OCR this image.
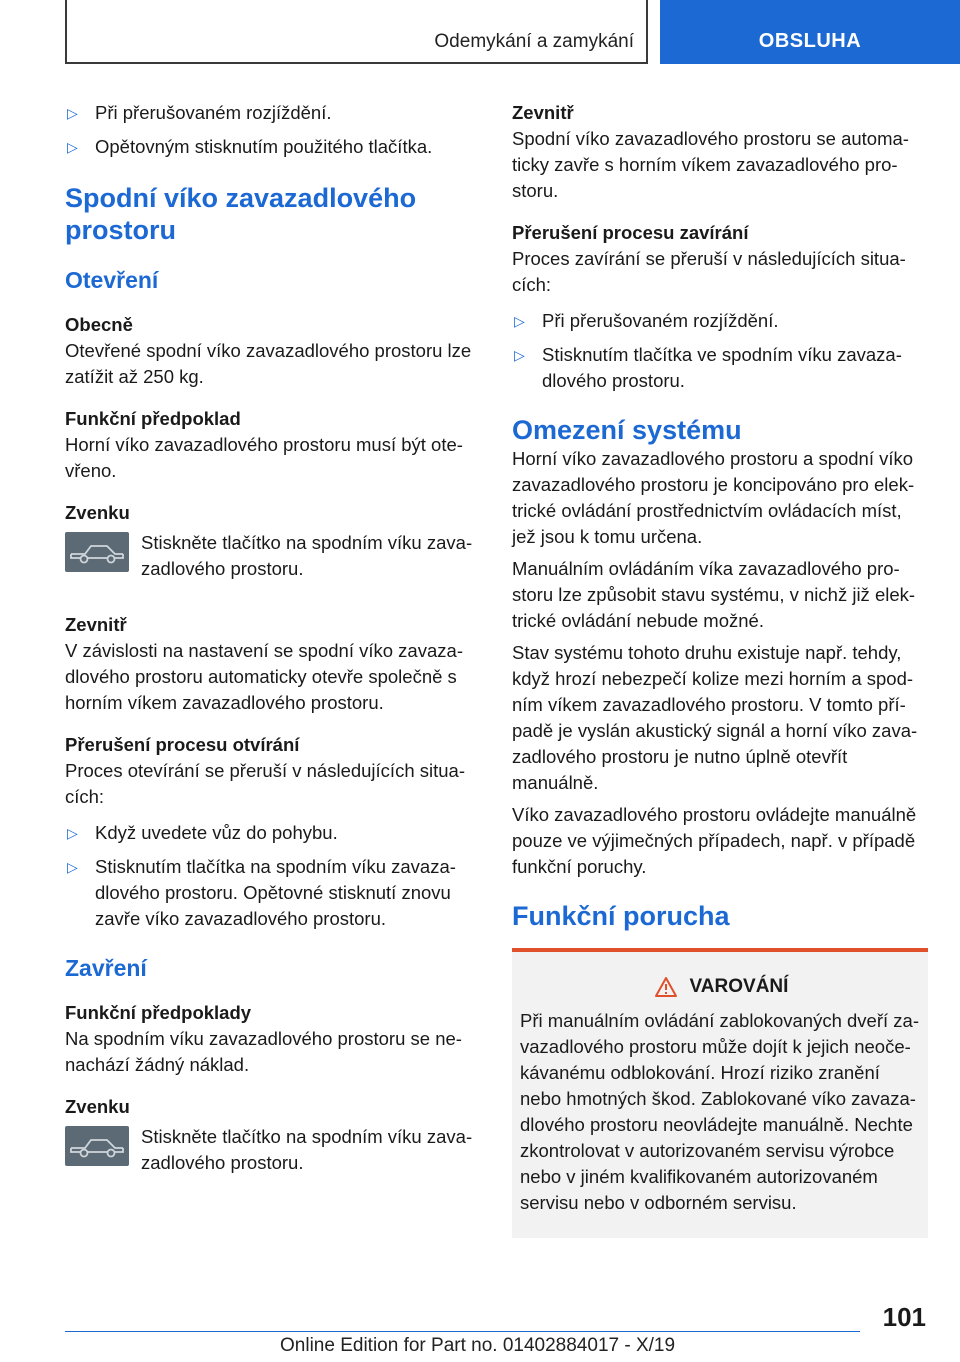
Odemykání a zamykání	OBSLUHA
▷ Při přerušovaném rozjíždění.
▷ Opětovným stisknutím použitého tlačítka.

Spodní víko zavazadlového prostoru

Otevření

Obecně

Otevřené spodní víko zavazadlového prostoru lze zatížit až 250 kg.

Funkční předpoklad

Horní víko zavazadlového prostoru musí být otevřeno.

Zvenku

Stiskněte tlačítko na spodním víku zavazadlového prostoru.

Zevnitř

V závislosti na nastavení se spodní víko zavazadlového prostoru automaticky otevře společně s horním víkem zavazadlového prostoru.

Přerušení procesu otvírání

Proces otevírání se přeruší v následujících situacích:

▷ Když uvedete vůz do pohybu.
▷ Stisknutím tlačítka na spodním víku zavazadlového prostoru. Opětovné stisknutí znovu zavře víko zavazadlového prostoru.

Zavření

Funkční předpoklady

Na spodním víku zavazadlového prostoru se nenachází žádný náklad.

Zvenku

Stiskněte tlačítko na spodním víku zavazadlového prostoru.

Zevnitř

Spodní víko zavazadlového prostoru se automaticky zavře s horním víkem zavazadlového prostoru.

Přerušení procesu zavírání

Proces zavírání se přeruší v následujících situacích:

▷ Při přerušovaném rozjíždění.
▷ Stisknutím tlačítka ve spodním víku zavazadlového prostoru.

Omezení systému

Horní víko zavazadlového prostoru a spodní víko zavazadlového prostoru je koncipováno pro elektrické ovládání prostřednictvím ovládacích míst, jež jsou k tomu určena.

Manuálním ovládáním víka zavazadlového prostoru lze způsobit stavu systému, v nichž již elektrické ovládání nebude možné.

Stav systému tohoto druhu existuje např. tehdy, když hrozí nebezpečí kolize mezi horním a spodním víkem zavazadlového prostoru. V tomto případě je vyslán akustický signál a horní víko zavazadlového prostoru je nutno úplně otevřít manuálně.

Víko zavazadlového prostoru ovládejte manuálně pouze ve výjimečných případech, např. v případě funkční poruchy.

Funkční porucha

VAROVÁNÍ

Při manuálním ovládání zablokovaných dveří zavazadlového prostoru může dojít k jejich neočekávanému odblokování. Hrozí riziko zranění nebo hmotných škod. Zablokované víko zavazadlového prostoru neovládejte manuálně. Nechte zkontrolovat v autorizovaném servisu výrobce nebo v jiném kvalifikovaném autorizovaném servisu nebo v odborném servisu.

101
Online Edition for Part no. 01402884017 - X/19
